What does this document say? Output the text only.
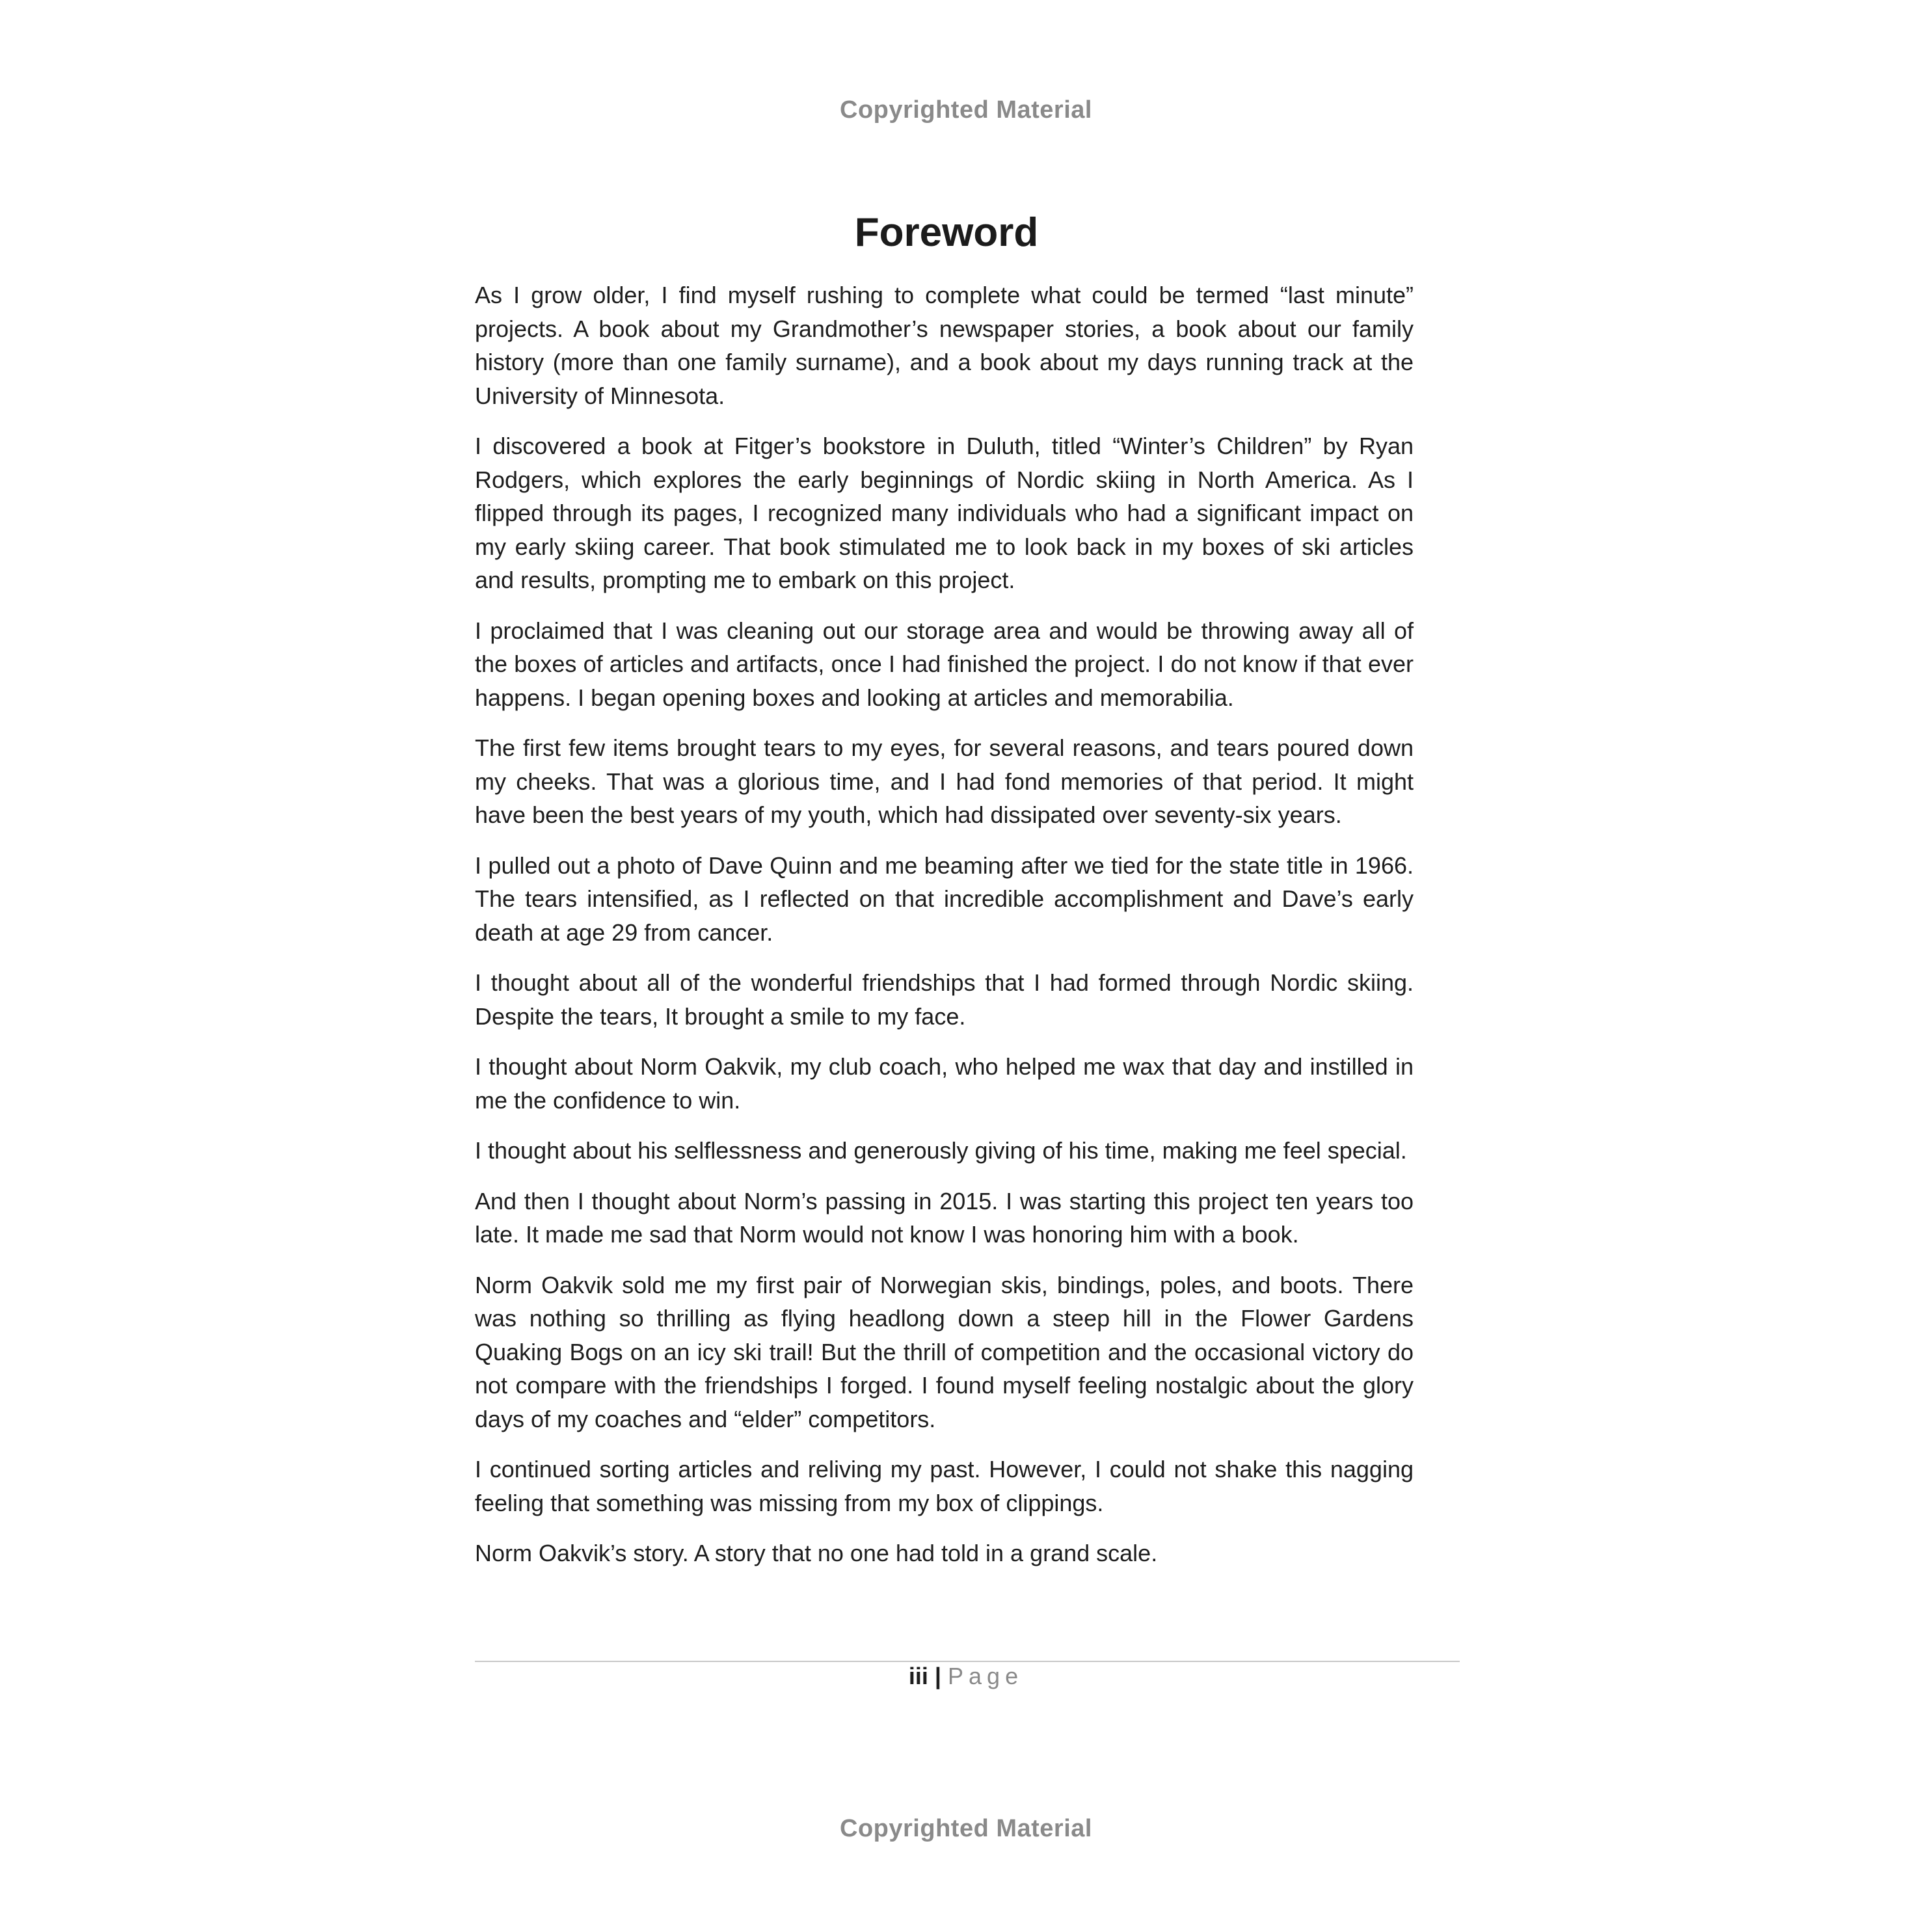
Copyrighted Material
Foreword

As I grow older, I find myself rushing to complete what could be termed “last minute” projects. A book about my Grandmother’s newspaper stories, a book about our family history (more than one family surname), and a book about my days running track at the University of Minnesota.

I discovered a book at Fitger’s bookstore in Duluth, titled “Winter’s Children” by Ryan Rodgers, which explores the early beginnings of Nordic skiing in North America. As I flipped through its pages, I recognized many individuals who had a significant impact on my early skiing career. That book stimulated me to look back in my boxes of ski articles and results, prompting me to embark on this project.

I proclaimed that I was cleaning out our storage area and would be throwing away all of the boxes of articles and artifacts, once I had finished the project. I do not know if that ever happens. I began opening boxes and looking at articles and memorabilia.

The first few items brought tears to my eyes, for several reasons, and tears poured down my cheeks. That was a glorious time, and I had fond memories of that period. It might have been the best years of my youth, which had dissipated over seventy-six years.

I pulled out a photo of Dave Quinn and me beaming after we tied for the state title in 1966. The tears intensified, as I reflected on that incredible accomplishment and Dave’s early death at age 29 from cancer.

I thought about all of the wonderful friendships that I had formed through Nordic skiing. Despite the tears, It brought a smile to my face.

I thought about Norm Oakvik, my club coach, who helped me wax that day and instilled in me the confidence to win.

I thought about his selflessness and generously giving of his time, making me feel special.

And then I thought about Norm’s passing in 2015. I was starting this project ten years too late. It made me sad that Norm would not know I was honoring him with a book.

Norm Oakvik sold me my first pair of Norwegian skis, bindings, poles, and boots. There was nothing so thrilling as flying headlong down a steep hill in the Flower Gardens Quaking Bogs on an icy ski trail! But the thrill of competition and the occasional victory do not compare with the friendships I forged. I found myself feeling nostalgic about the glory days of my coaches and “elder” competitors.

I continued sorting articles and reliving my past. However, I could not shake this nagging feeling that something was missing from my box of clippings.

Norm Oakvik’s story. A story that no one had told in a grand scale.

iii | Page
Copyrighted Material
